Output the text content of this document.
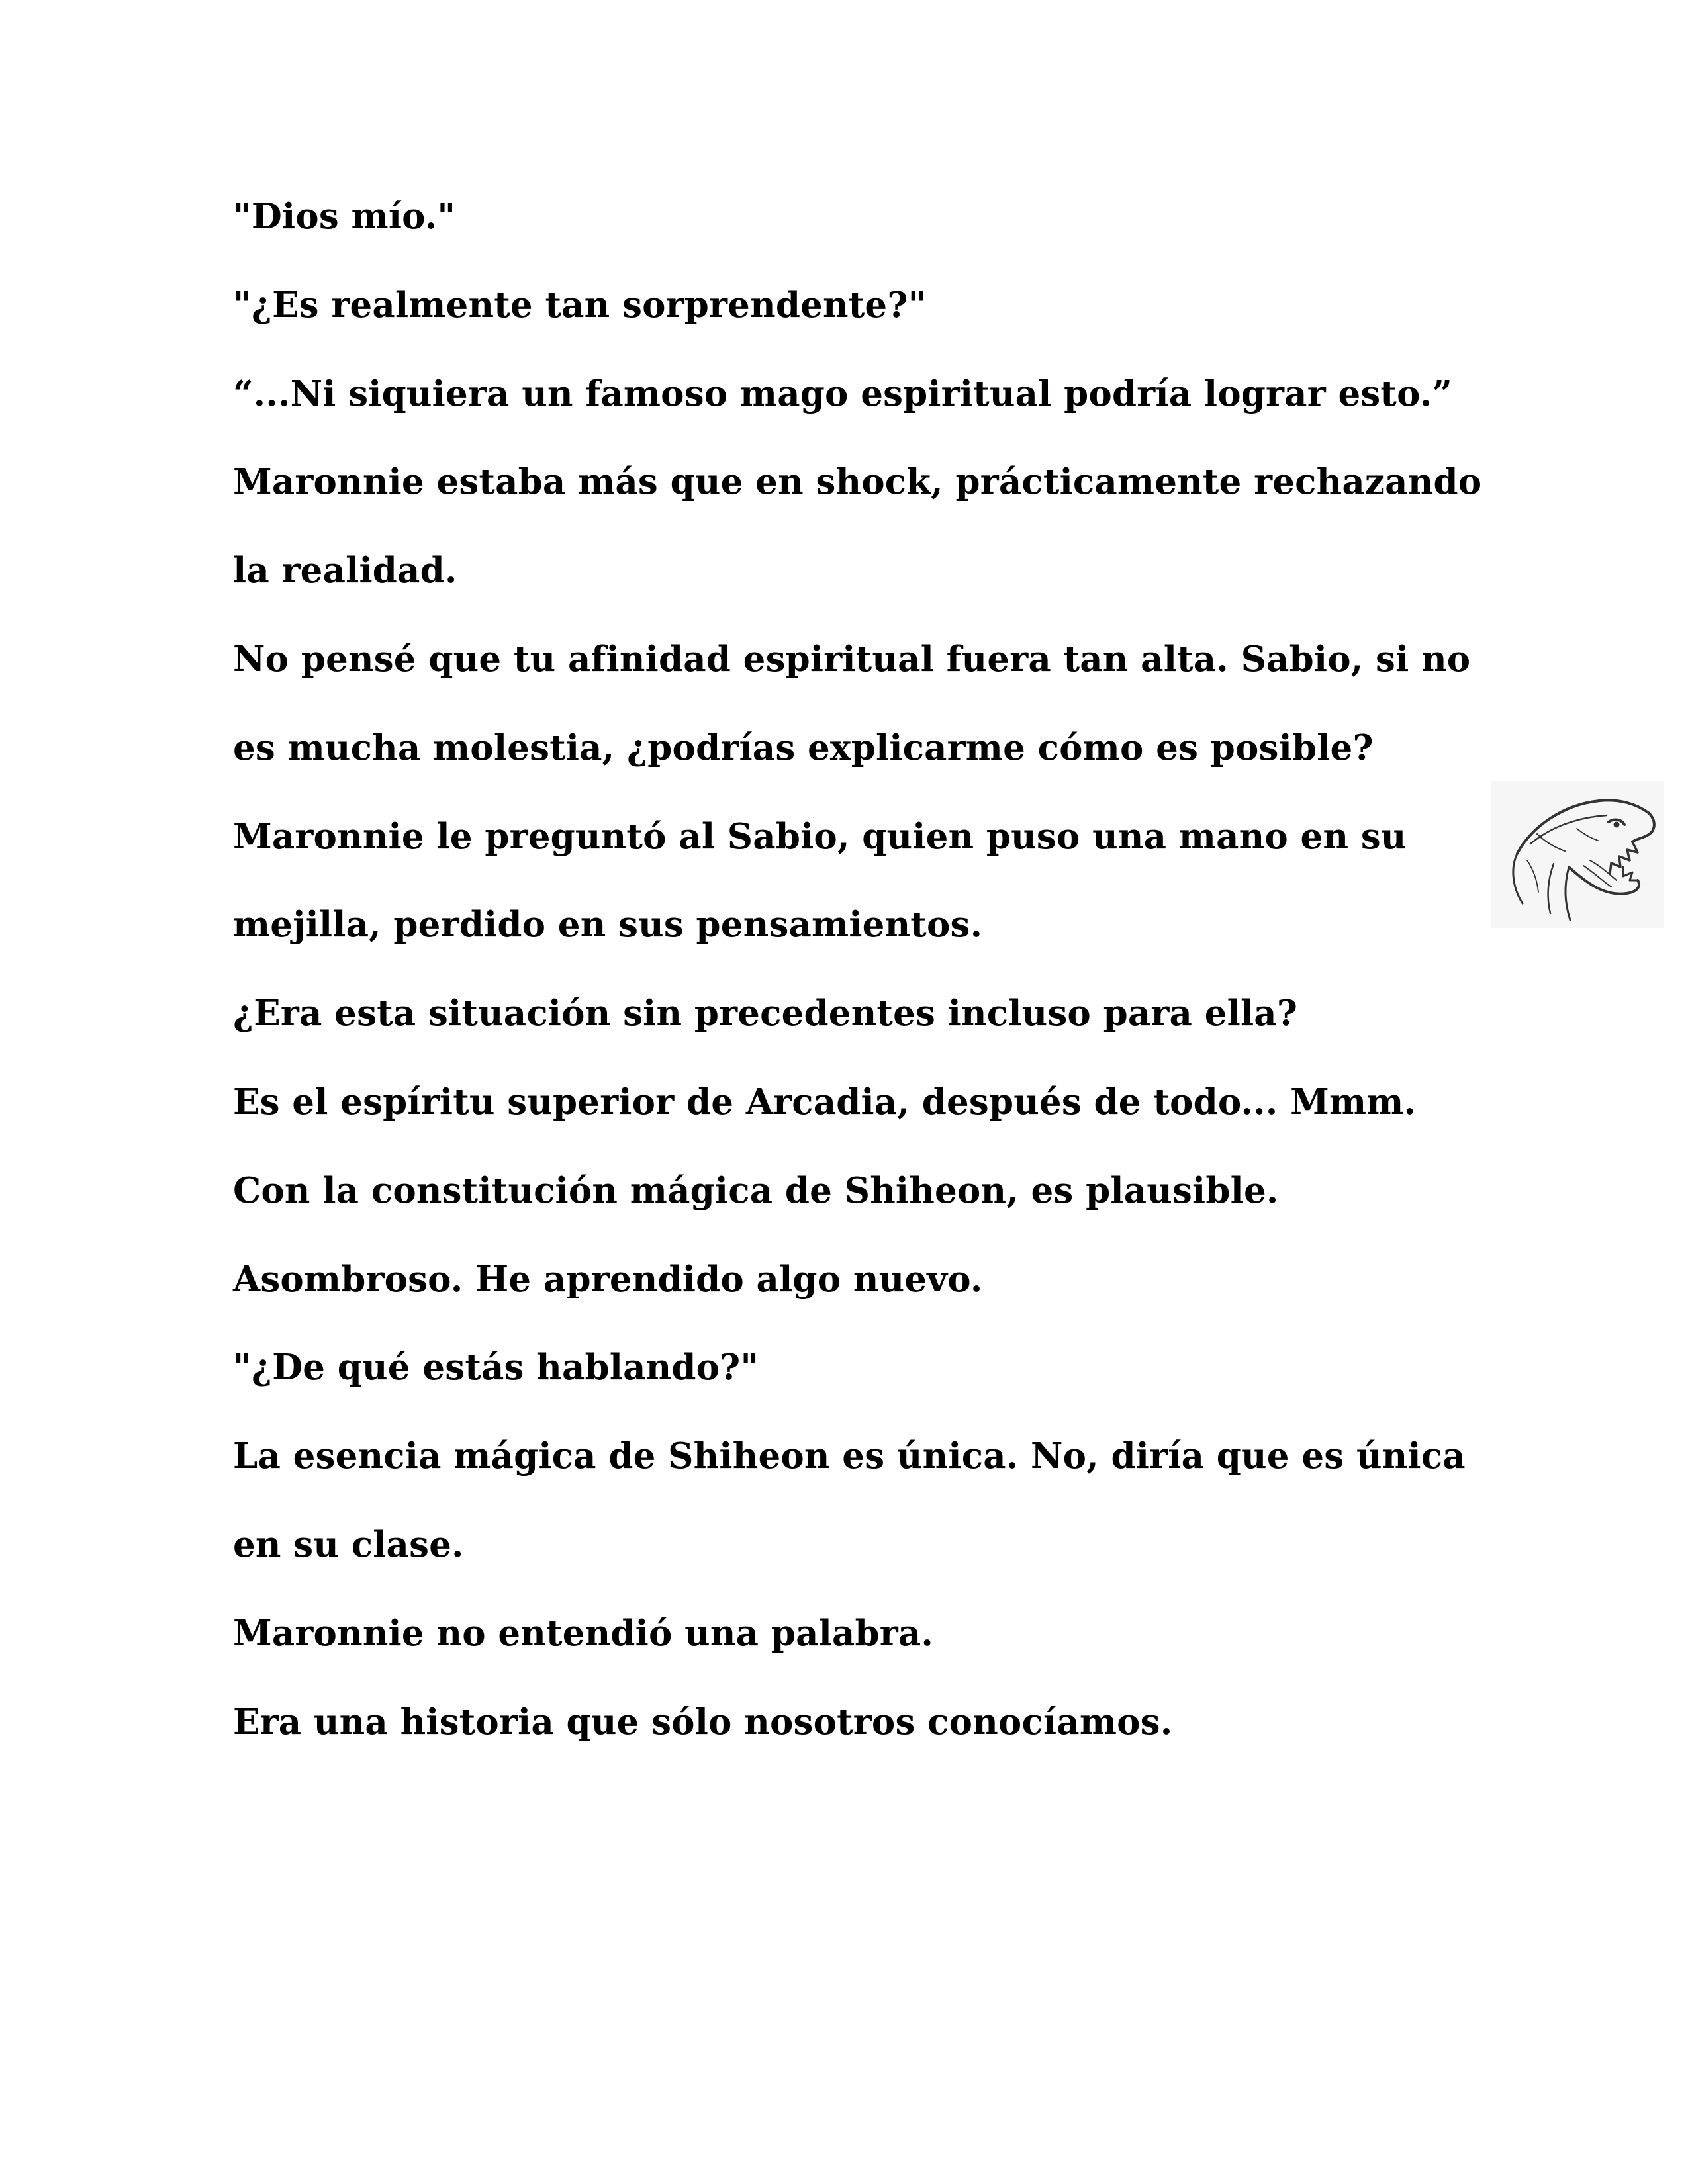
"Dios mío."
"¿Es realmente tan sorprendente?"
“...Ni siquiera un famoso mago espiritual podría lograr esto.”
Maronnie estaba más que en shock, prácticamente rechazando
la realidad.
No pensé que tu afinidad espiritual fuera tan alta. Sabio, si no
es mucha molestia, ¿podrías explicarme cómo es posible?
Maronnie le preguntó al Sabio, quien puso una mano en su
mejilla, perdido en sus pensamientos.
¿Era esta situación sin precedentes incluso para ella?
Es el espíritu superior de Arcadia, después de todo... Mmm.
Con la constitución mágica de Shiheon, es plausible.
Asombroso. He aprendido algo nuevo.
"¿De qué estás hablando?"
La esencia mágica de Shiheon es única. No, diría que es única
en su clase.
Maronnie no entendió una palabra.
Era una historia que sólo nosotros conocíamos.
